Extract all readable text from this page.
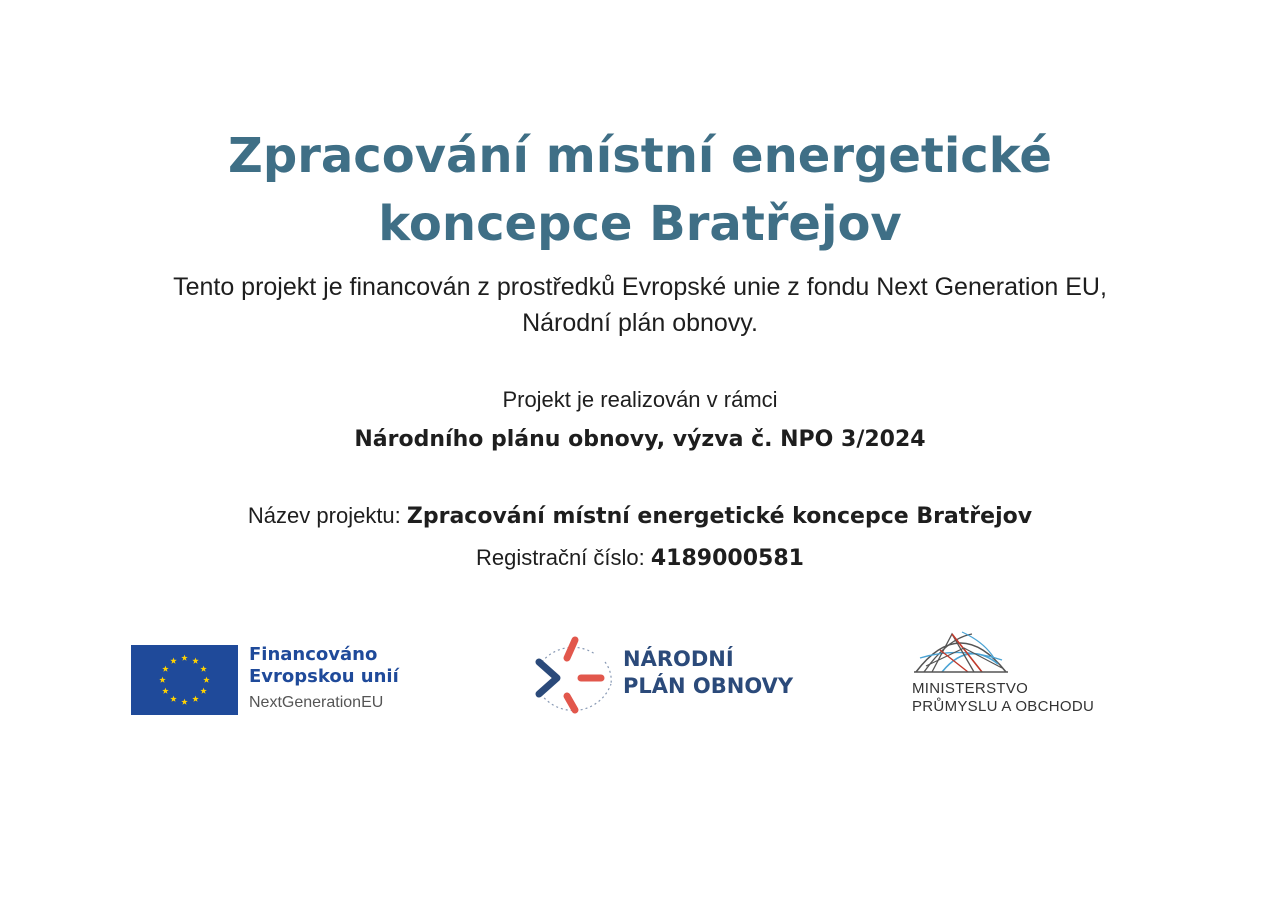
Zpracování místní energetické
koncepce Bratřejov
Tento projekt je financován z prostředků Evropské unie z fondu Next Generation EU,
Národní plán obnovy.
Projekt je realizován v rámci
Národního plánu obnovy, výzva č. NPO 3/2024
Název projektu: Zpracování místní energetické koncepce Bratřejov
Registrační číslo: 4189000581
Financováno
Evropskou unií
NextGenerationEU
NÁRODNÍ
PLÁN OBNOVY	MINISTERSTVO
PRŮMYSLU A OBCHODU
